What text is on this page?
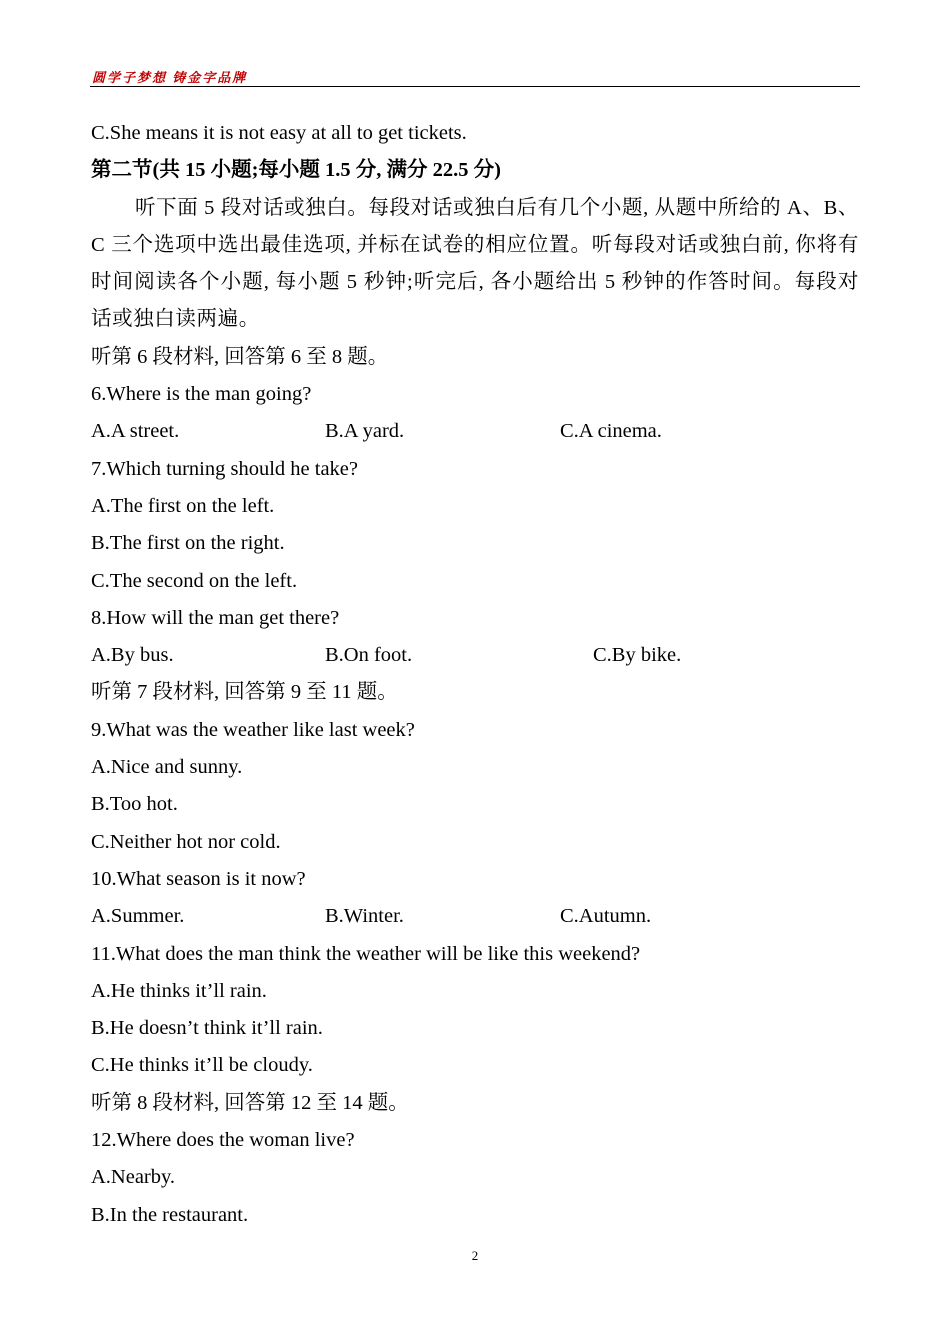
圆学子梦想 铸金字品牌
C.She means it is not easy at all to get tickets.
第二节(共 15 小题;每小题 1.5 分, 满分 22.5 分)
听下面 5 段对话或独白。每段对话或独白后有几个小题, 从题中所给的 A、B、C 三个选项中选出最佳选项, 并标在试卷的相应位置。听每段对话或独白前, 你将有时间阅读各个小题, 每小题 5 秒钟;听完后, 各小题给出 5 秒钟的作答时间。每段对话或独白读两遍。
听第 6 段材料, 回答第 6 至 8 题。
6.Where is the man going?
A.A street.	B.A yard.	C.A cinema.
7.Which turning should he take?
A.The first on the left.
B.The first on the right.
C.The second on the left.
8.How will the man get there?
A.By bus.	B.On foot.	C.By bike.
听第 7 段材料, 回答第 9 至 11 题。
9.What was the weather like last week?
A.Nice and sunny.
B.Too hot.
C.Neither hot nor cold.
10.What season is it now?
A.Summer.	B.Winter.	C.Autumn.
11.What does the man think the weather will be like this weekend?
A.He thinks it’ll rain.
B.He doesn’t think it’ll rain.
C.He thinks it’ll be cloudy.
听第 8 段材料, 回答第 12 至 14 题。
12.Where does the woman live?
A.Nearby.
B.In the restaurant.
2
